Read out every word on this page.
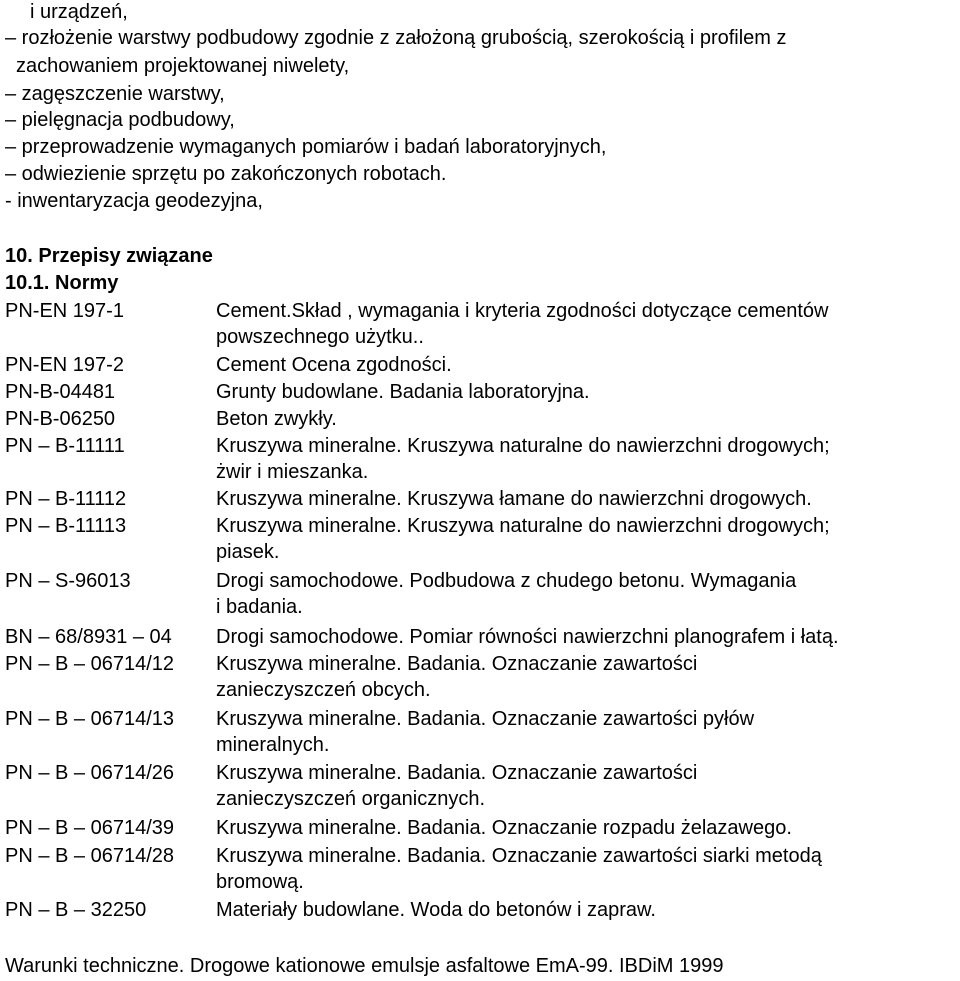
i urządzeń,
– rozłożenie warstwy podbudowy zgodnie z założoną grubością, szerokością i profilem z
zachowaniem projektowanej niwelety,
– zagęszczenie warstwy,
– pielęgnacja podbudowy,
– przeprowadzenie wymaganych pomiarów i badań laboratoryjnych,
– odwiezienie sprzętu po zakończonych robotach.
- inwentaryzacja geodezyjna,
10. Przepisy związane
10.1. Normy
PN-EN 197-1	Cement.Skład , wymagania i kryteria zgodności dotyczące cementów
powszechnego użytku..
PN-EN 197-2	Cement Ocena zgodności.
PN-B-04481	Grunty budowlane. Badania laboratoryjna.
PN-B-06250	Beton zwykły.
PN – B-11111	Kruszywa mineralne. Kruszywa naturalne do nawierzchni drogowych;
żwir i mieszanka.
PN – B-11112	Kruszywa mineralne. Kruszywa łamane do nawierzchni drogowych.
PN – B-11113	Kruszywa mineralne. Kruszywa naturalne do nawierzchni drogowych;
piasek.
PN – S-96013	Drogi samochodowe. Podbudowa z chudego betonu. Wymagania
i badania.
BN – 68/8931 – 04 Drogi samochodowe. Pomiar równości nawierzchni planografem i łatą.
PN – B – 06714/12 Kruszywa mineralne. Badania. Oznaczanie zawartości
zanieczyszczeń obcych.
PN – B – 06714/13 Kruszywa mineralne. Badania. Oznaczanie zawartości pyłów
mineralnych.
PN – B – 06714/26 Kruszywa mineralne. Badania. Oznaczanie zawartości
zanieczyszczeń organicznych.
PN – B – 06714/39 Kruszywa mineralne. Badania. Oznaczanie rozpadu żelazawego.
PN – B – 06714/28 Kruszywa mineralne. Badania. Oznaczanie zawartości siarki metodą
bromową.
PN – B – 32250	Materiały budowlane. Woda do betonów i zapraw.
Warunki techniczne. Drogowe kationowe emulsje asfaltowe EmA-99. IBDiM 1999
